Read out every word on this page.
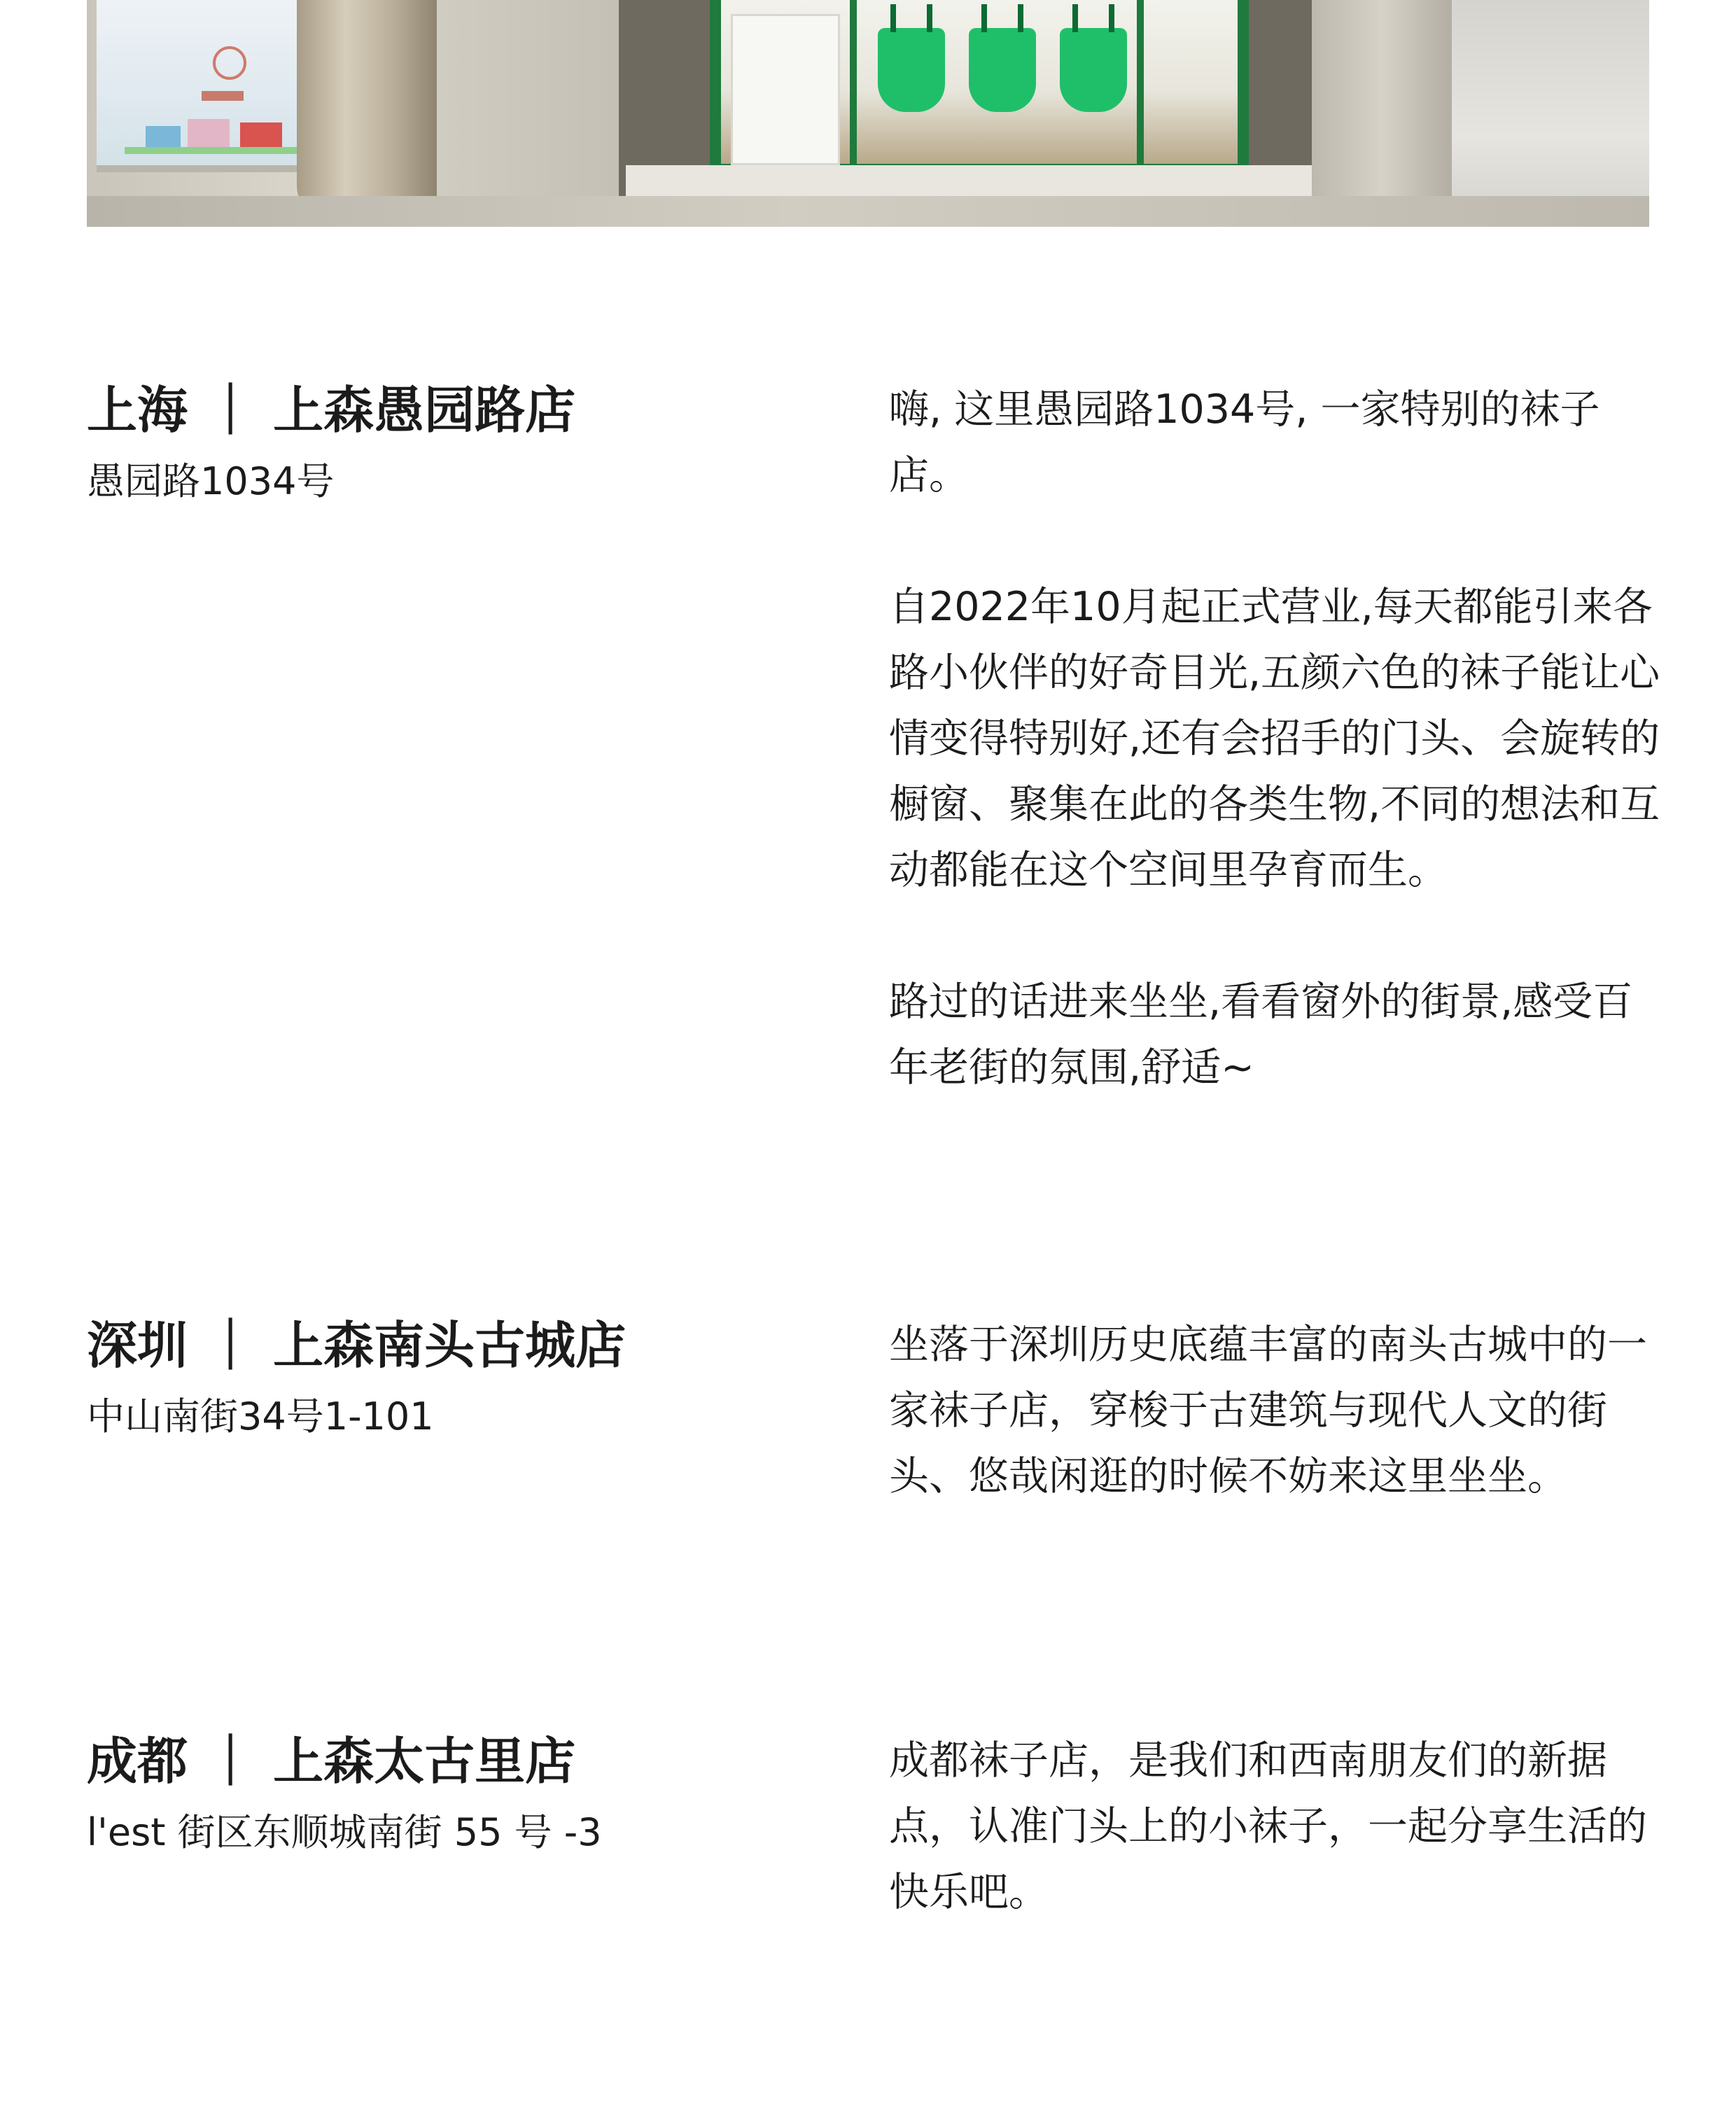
上海 ｜ 上森愚园路店

愚园路1034号

嗨, 这里愚园路1034号, 一家特别的袜子店。

自2022年10月起正式营业,每天都能引来各路小伙伴的好奇目光,五颜六色的袜子能让心情变得特别好,还有会招手的门头、会旋转的橱窗、聚集在此的各类生物,不同的想法和互动都能在这个空间里孕育而生。

路过的话进来坐坐,看看窗外的街景,感受百年老街的氛围,舒适~

深圳 ｜ 上森南头古城店

中山南街34号1-101

坐落于深圳历史底蕴丰富的南头古城中的一家袜子店，穿梭于古建筑与现代人文的街头、悠哉闲逛的时候不妨来这里坐坐。

成都 ｜ 上森太古里店

l'est 街区东顺城南街 55 号 -3

成都袜子店，是我们和西南朋友们的新据点，认准门头上的小袜子，一起分享生活的快乐吧。
